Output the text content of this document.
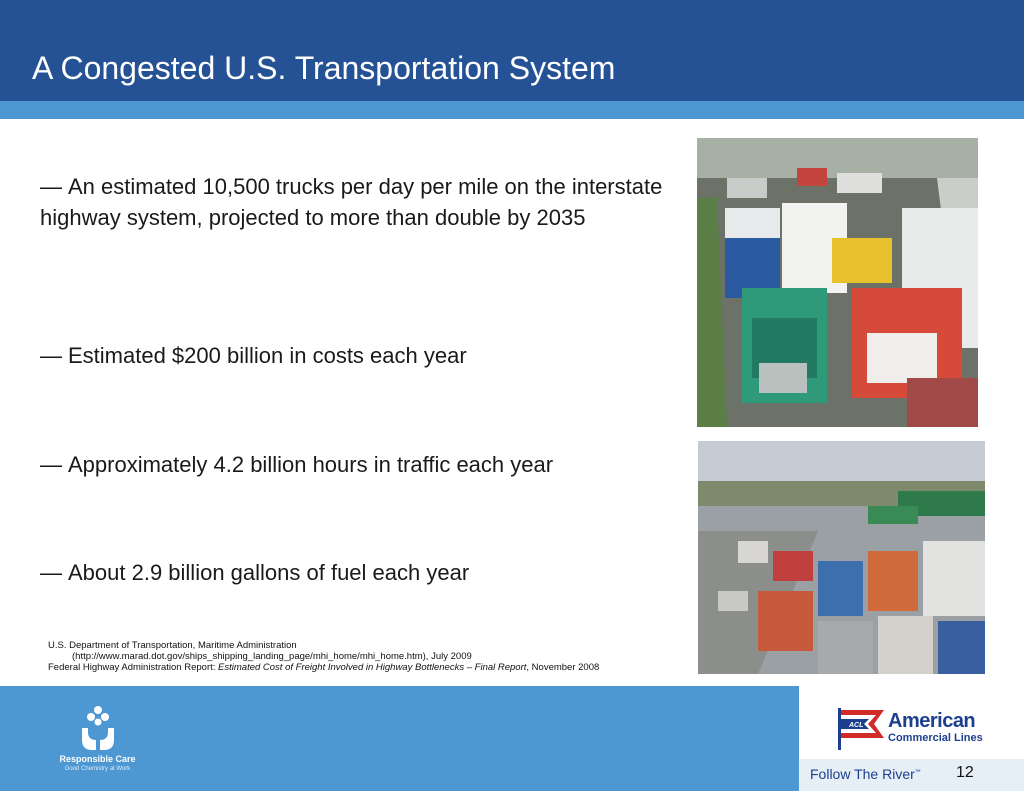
A Congested U.S. Transportation System
— An estimated 10,500 trucks per day per mile on the interstate highway system, projected to more than double by 2035
— Estimated $200 billion in costs each year
— Approximately 4.2 billion hours in traffic each year
— About 2.9 billion gallons of fuel each year
U.S. Department of Transportation, Maritime Administration
(http://www.marad.dot.gov/ships_shipping_landing_page/mhi_home/mhi_home.htm), July 2009
Federal Highway Administration Report: Estimated Cost of Freight Involved in Highway Bottlenecks – Final Report, November 2008
Responsible Care
Good Chemistry at Work
ACL American
Commercial Lines
Follow The River™ 12
